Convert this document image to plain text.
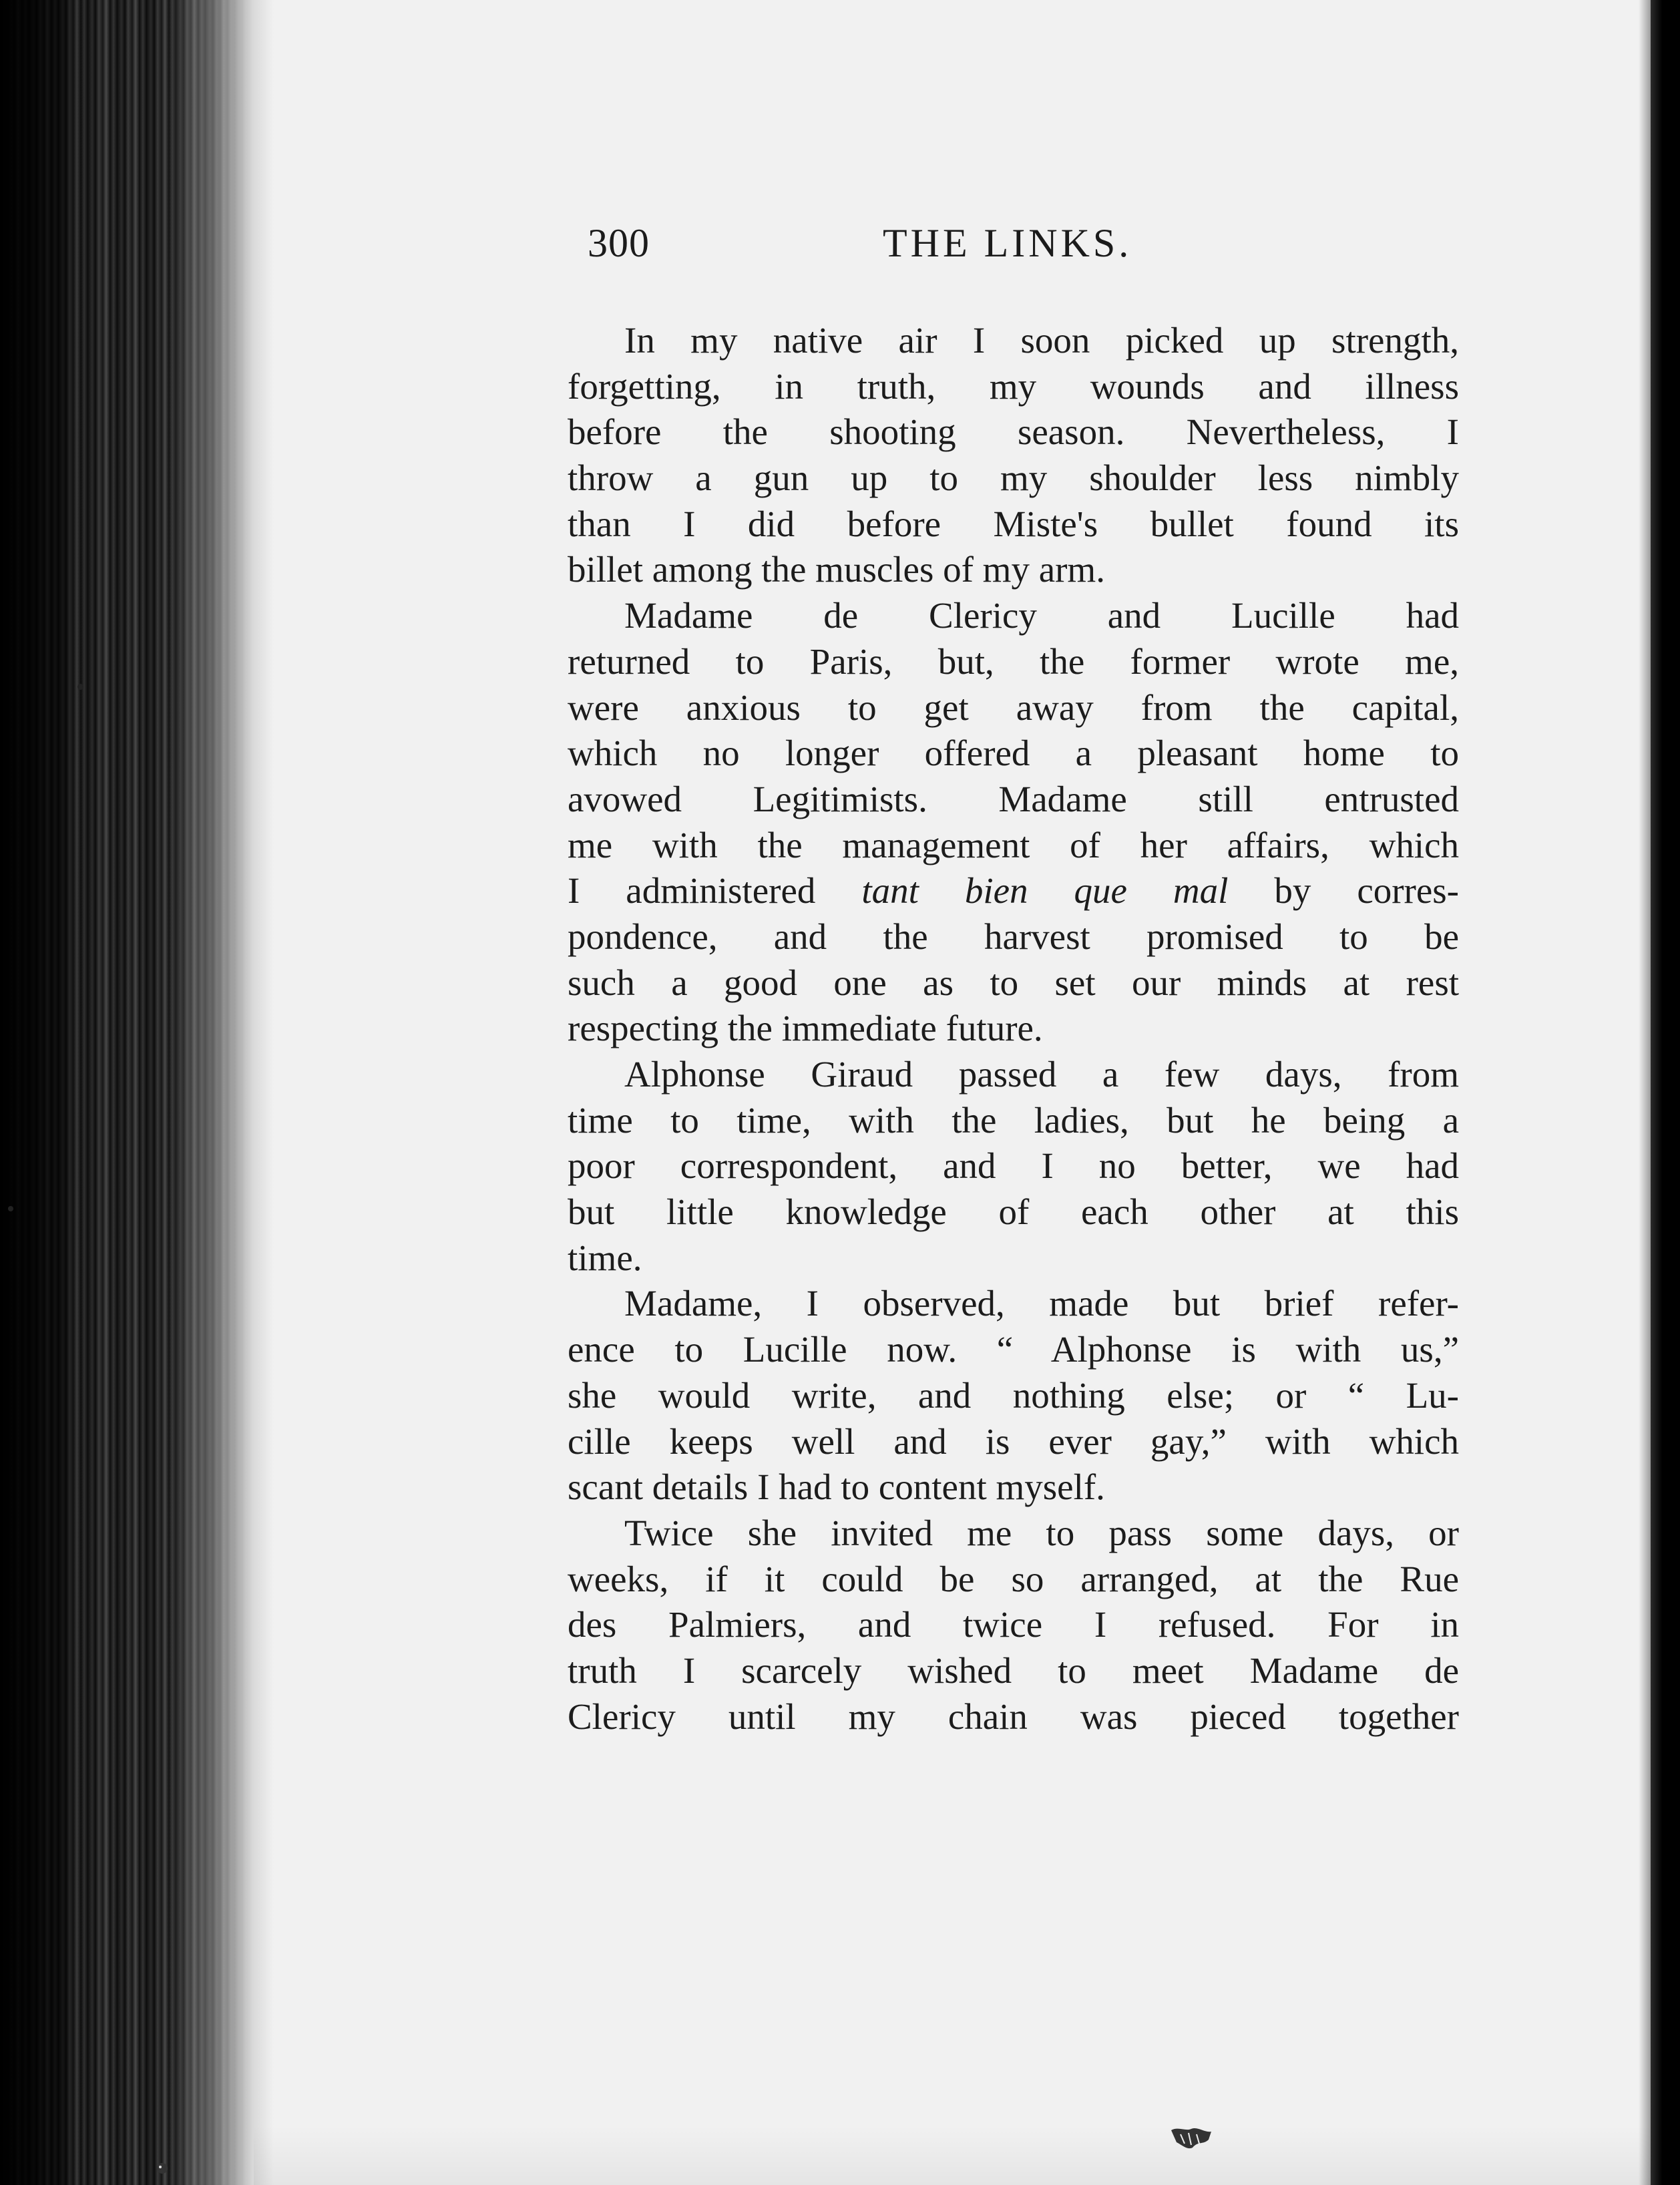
300	THE LINKS.
In my native air I soon picked up strength,
forgetting, in truth, my wounds and illness
before the shooting season. Nevertheless, I
throw a gun up to my shoulder less nimbly
than I did before Miste's bullet found its
billet among the muscles of my arm.
Madame de Clericy and Lucille had
returned to Paris, but, the former wrote me,
were anxious to get away from the capital,
which no longer offered a pleasant home to
avowed Legitimists. Madame still entrusted
me with the management of her affairs, which
I administered tant bien que mal by corres-
pondence, and the harvest promised to be
such a good one as to set our minds at rest
respecting the immediate future.
Alphonse Giraud passed a few days, from
time to time, with the ladies, but he being a
poor correspondent, and I no better, we had
but little knowledge of each other at this
time.
Madame, I observed, made but brief refer-
ence to Lucille now. “ Alphonse is with us,”
she would write, and nothing else; or “ Lu-
cille keeps well and is ever gay,” with which
scant details I had to content myself.
Twice she invited me to pass some days, or
weeks, if it could be so arranged, at the Rue
des Palmiers, and twice I refused. For in
truth I scarcely wished to meet Madame de
Clericy until my chain was pieced together
